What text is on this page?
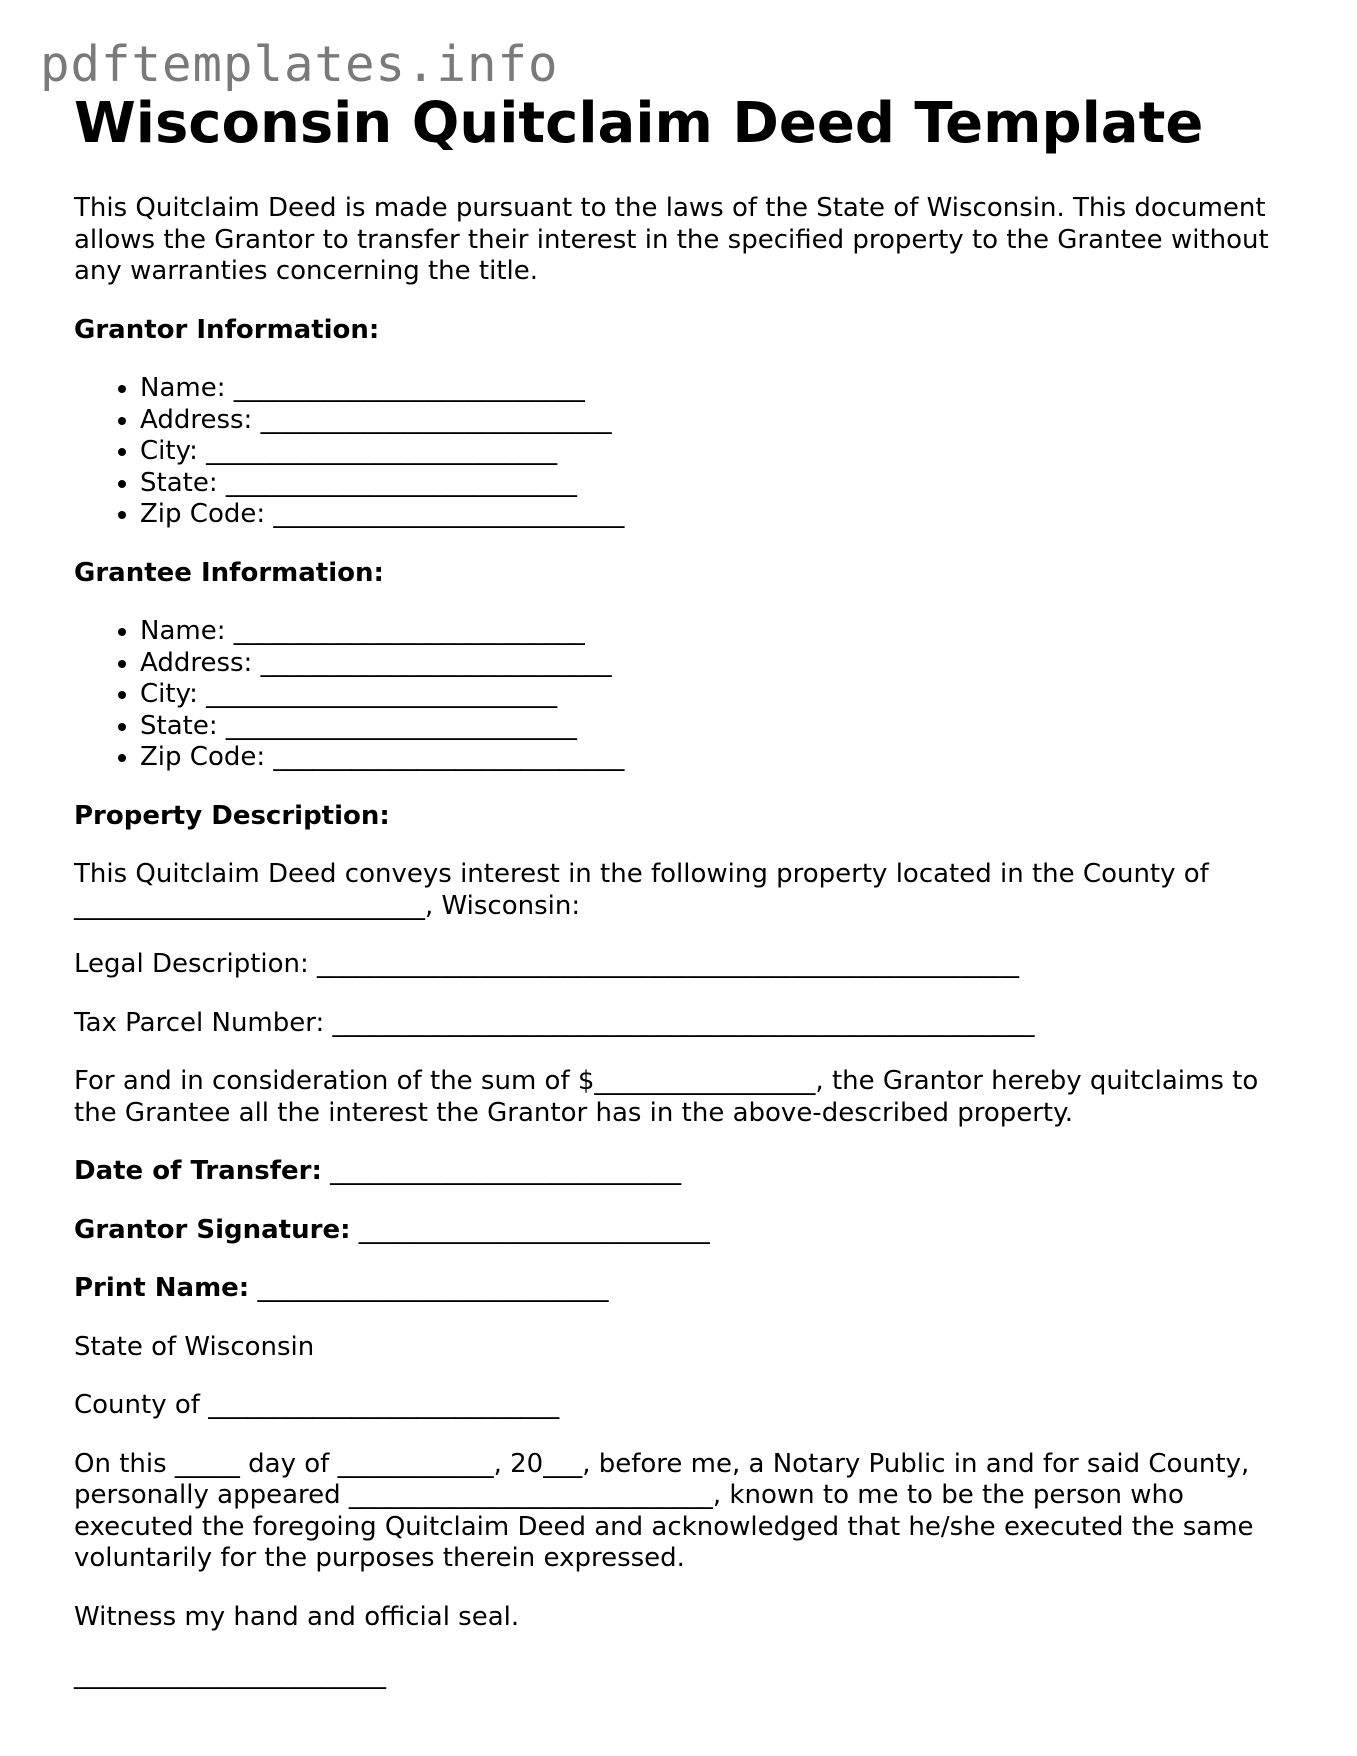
pdftemplates.info
Wisconsin Quitclaim Deed Template

This Quitclaim Deed is made pursuant to the laws of the State of Wisconsin. This document allows the Grantor to transfer their interest in the specified property to the Grantee without any warranties concerning the title.

Grantor Information:

• Name: ___________________________
• Address: ___________________________
• City: ___________________________
• State: ___________________________
• Zip Code: ___________________________

Grantee Information:

• Name: ___________________________
• Address: ___________________________
• City: ___________________________
• State: ___________________________
• Zip Code: ___________________________

Property Description:

This Quitclaim Deed conveys interest in the following property located in the County of ___________________________, Wisconsin:

Legal Description: ______________________________________________________

Tax Parcel Number: ______________________________________________________

For and in consideration of the sum of $_________________, the Grantor hereby quitclaims to the Grantee all the interest the Grantor has in the above-described property.

Date of Transfer: ___________________________

Grantor Signature: ___________________________

Print Name: ___________________________

State of Wisconsin

County of ___________________________

On this _____ day of ____________, 20___, before me, a Notary Public in and for said County, personally appeared ____________________________, known to me to be the person who executed the foregoing Quitclaim Deed and acknowledged that he/she executed the same voluntarily for the purposes therein expressed.

Witness my hand and official seal.

________________________
